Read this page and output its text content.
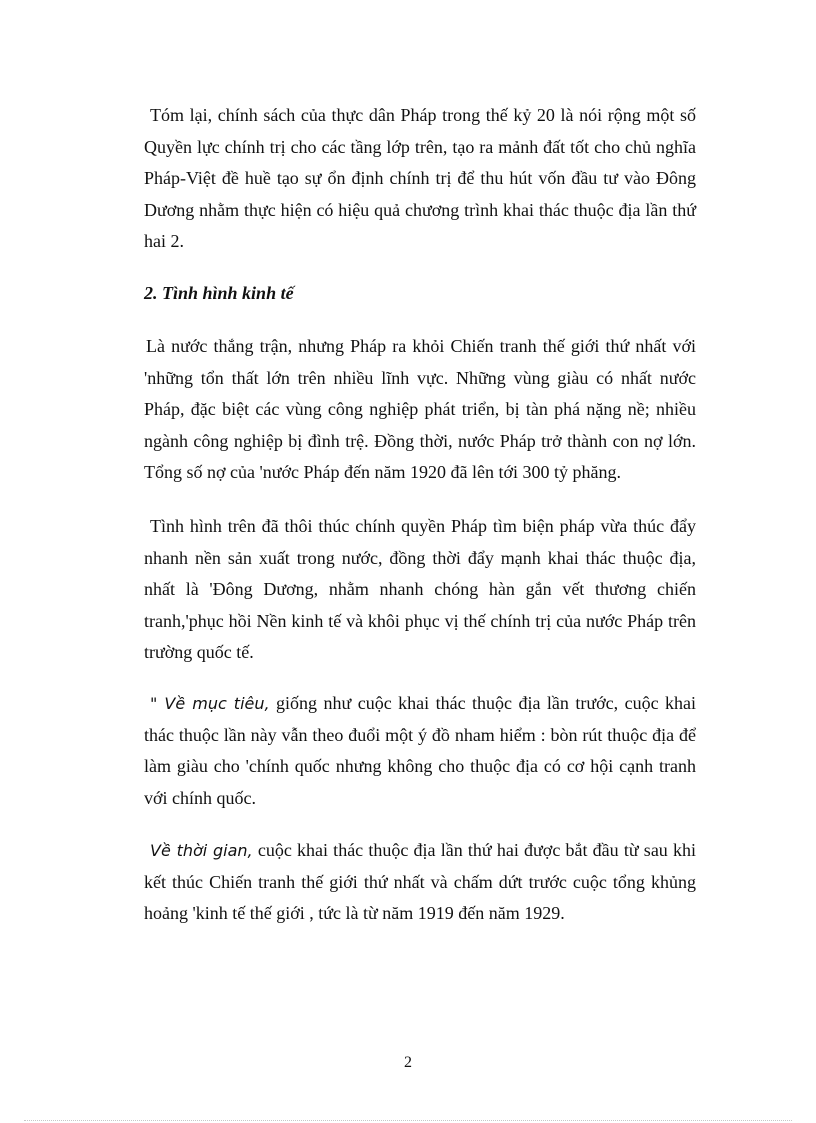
Tóm lại, chính sách của thực dân Pháp trong thế kỷ 20 là nói rộng một số Quyền lực chính trị cho các tầng lớp trên, tạo ra mảnh đất tốt cho chủ nghĩa Pháp-Việt đề huề tạo sự ổn định chính trị để thu hút vốn đầu tư vào Đông Dương nhằm thực hiện có hiệu quả chương trình khai thác thuộc địa lần thứ hai 2.

2. Tình hình kinh tế

Là nước thắng trận, nhưng Pháp ra khỏi Chiến tranh thế giới thứ nhất với 'những tổn thất lớn trên nhiều lĩnh vực. Những vùng giàu có nhất nước Pháp, đặc biệt các vùng công nghiệp phát triển, bị tàn phá nặng nề; nhiều ngành công nghiệp bị đình trệ. Đồng thời, nước Pháp trở thành con nợ lớn. Tổng số nợ của 'nước Pháp đến năm 1920 đã lên tới 300 tỷ phăng.

Tình hình trên đã thôi thúc chính quyền Pháp tìm biện pháp vừa thúc đẩy nhanh nền sản xuất trong nước, đồng thời đẩy mạnh khai thác thuộc địa, nhất là 'Đông Dương, nhằm nhanh chóng hàn gắn vết thương chiến tranh,'phục hồi Nền kinh tế và khôi phục vị thế chính trị của nước Pháp trên trường quốc tế.

" Về mục tiêu, giống như cuộc khai thác thuộc địa lần trước, cuộc khai thác thuộc lần này vẫn theo đuổi một ý đồ nham hiểm : bòn rút thuộc địa để làm giàu cho 'chính quốc nhưng không cho thuộc địa có cơ hội cạnh tranh với chính quốc.

Về thời gian, cuộc khai thác thuộc địa lần thứ hai được bắt đầu từ sau khi kết thúc Chiến tranh thế giới thứ nhất và chấm dứt trước cuộc tổng khủng hoảng 'kinh tế thế giới , tức là từ năm 1919 đến năm 1929.

2
